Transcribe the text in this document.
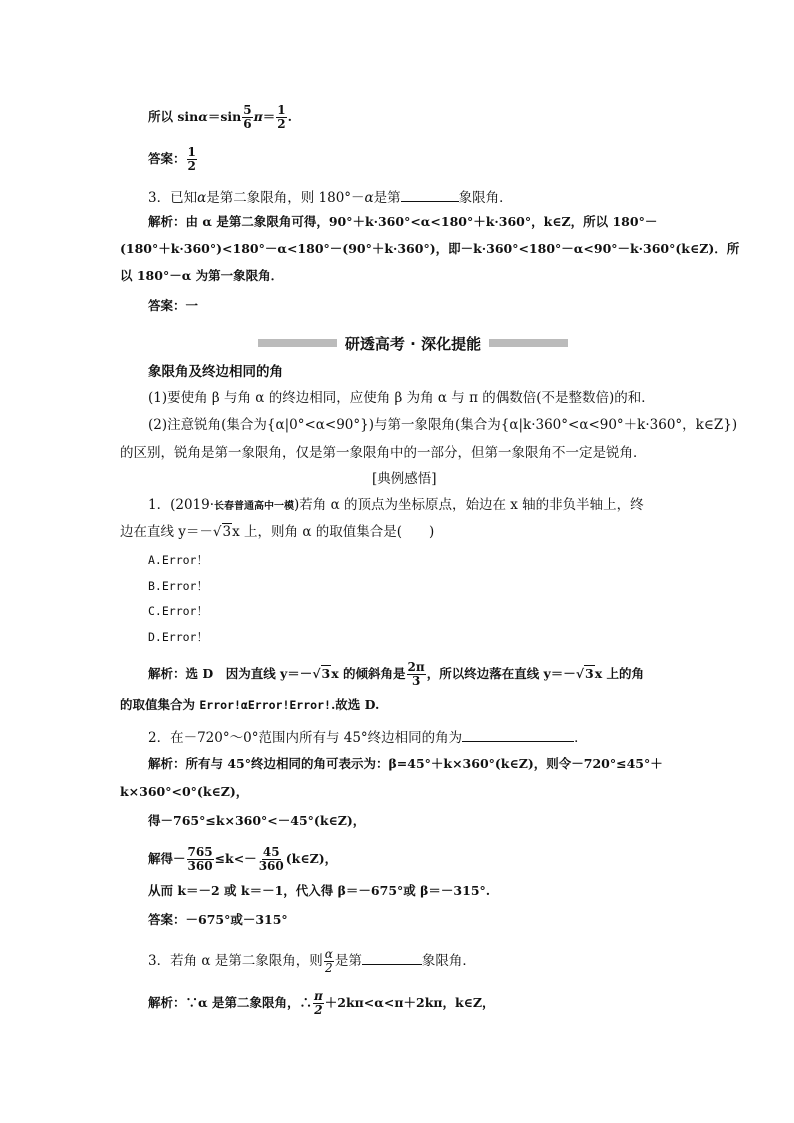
所以 $\sin\alpha=\sin \frac{5}{6} \pi= \frac{1}{2}$ .
答案： $\frac{1}{2}$
3．已知α是第二象限角，则 180°－α是第	象限角．
解析：由 α 是第二象限角可得，90°＋k·360°<α<180°＋k·360°，k∈Z，所以 180°－
(180°＋k·360°)<180°－α<180°－(90°＋k·360°)，即－k·360°<180°－α<90°－k·360°(k∈Z)．所
以 180°－α 为第一象限角．
答案：一
研透高考 · 深化提能
象限角及终边相同的角
(1)要使角 β 与角 α 的终边相同，应使角 β 为角 α 与 π 的偶数倍(不是整数倍)的和．
(2)注意锐角(集合为{α|0°<α<90°})与第一象限角(集合为{α|k·360°<α<90°＋k·360°，k∈Z})
的区别，锐角是第一象限角，仅是第一象限角中的一部分，但第一象限角不一定是锐角．
[典例感悟]
1．(2019·长春普通高中一模)若角 α 的顶点为坐标原点，始边在 x 轴的非负半轴上，终
边在直线 y＝－√3x 上，则角 α 的取值集合是(　　)
A.Error！
B.Error！
C.Error！
D.Error！
解析：选 D　因为直线 y＝－√3x 的倾斜角是 $\frac{2\pi}{3}$ ，所以终边落在直线 y＝－√3x 上的角
的取值集合为 Error!αError!Error!.故选 D.
2．在－720°～0°范围内所有与 45°终边相同的角为	．
解析：所有与 45°终边相同的角可表示为：β=45°＋k×360°(k∈Z)，则令－720°≤45°＋
k×360°<0°(k∈Z)，
得－765°≤k×360°<－45°(k∈Z)，
解得－ $\frac{765}{360} \le k<- \frac{45}{360}$ (k∈Z)，
从而 k＝－2 或 k＝－1，代入得 β＝－675°或 β＝－315°.
答案：－675°或－315°
3．若角 α 是第二象限角，则 $\frac{\alpha}{2}$ 是第	象限角．
解析：∵α 是第二象限角，∴ $\frac{\pi}{2} +2k\pi<\alpha<\pi+2k\pi$，k∈Z，
